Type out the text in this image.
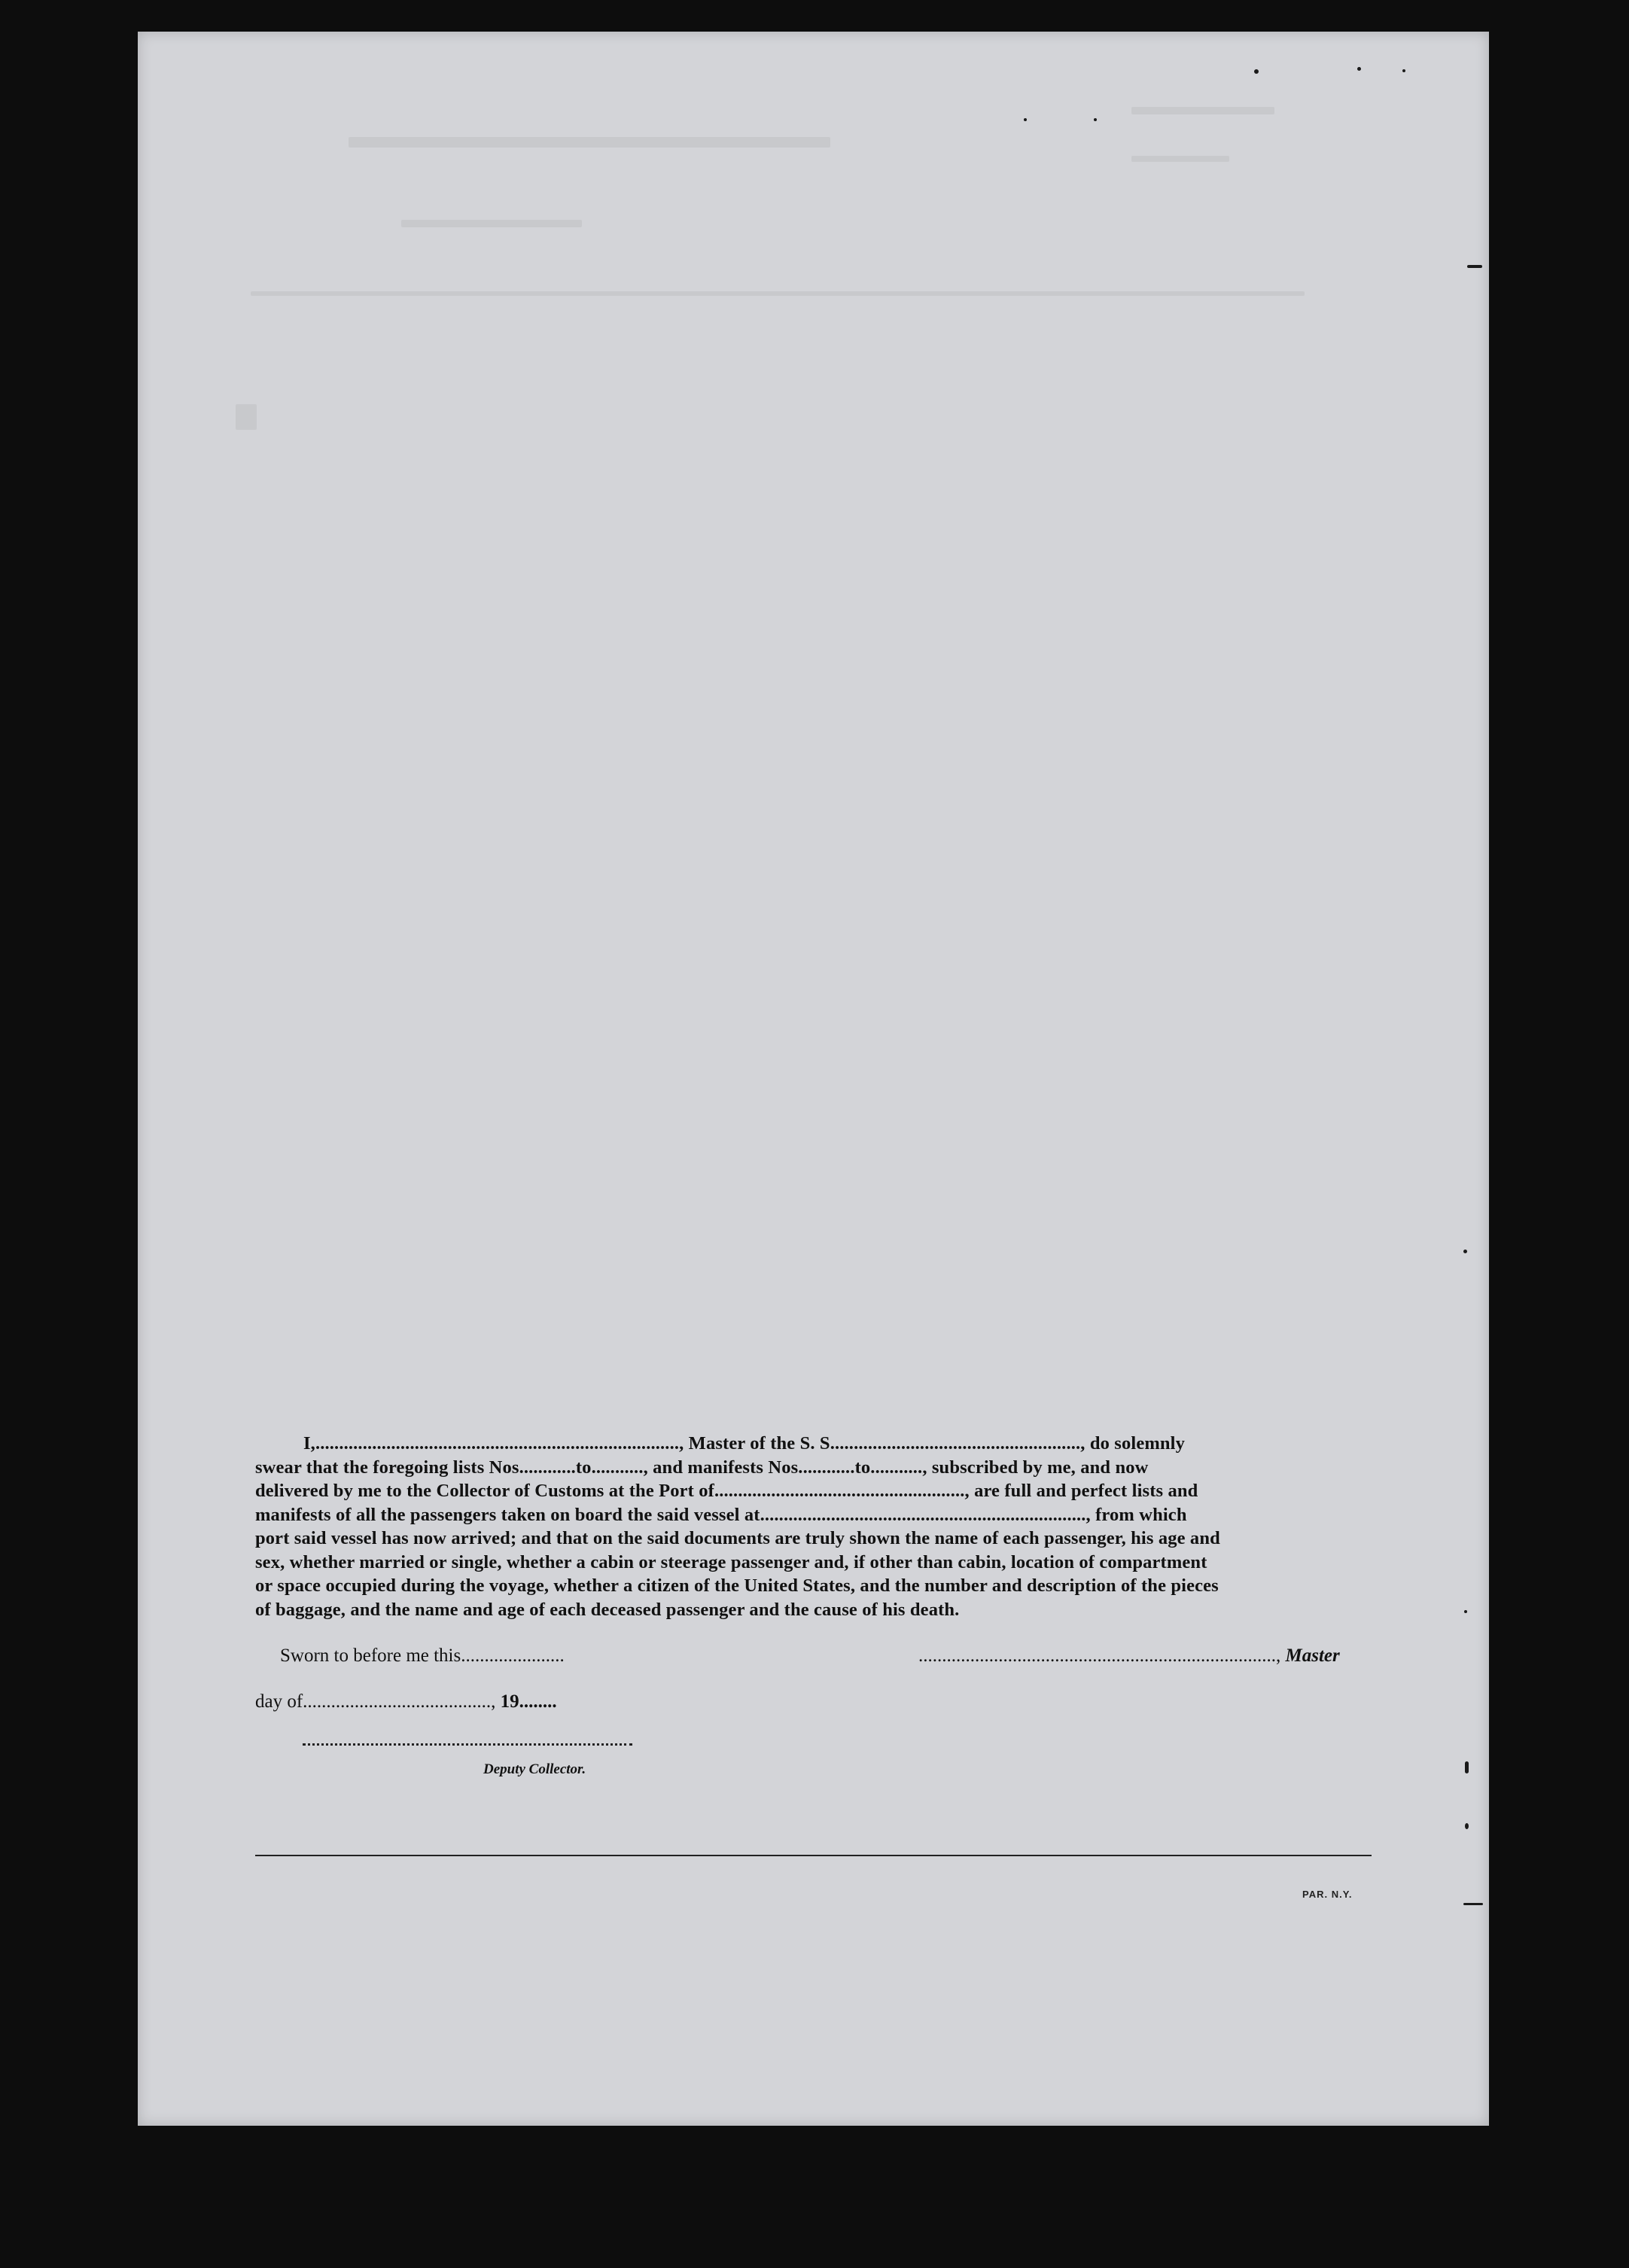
I,............................................................................., Master of the S. S....................................................., do solemnly

swear that the foregoing lists Nos............to..........., and manifests Nos............to..........., subscribed by me, and now

delivered by me to the Collector of Customs at the Port of....................................................., are full and perfect lists and

manifests of all the passengers taken on board the said vessel at....................................................................., from which

port said vessel has now arrived; and that on the said documents are truly shown the name of each passenger, his age and

sex, whether married or single, whether a cabin or steerage passenger and, if other than cabin, location of compartment

or space occupied during the voyage, whether a citizen of the United States, and the number and description of the pieces

of baggage, and the name and age of each deceased passenger and the cause of his death.

Sworn to before me this......................	............................................................................, Master
day of........................................, 19........
Deputy Collector.
PAR. N.Y.
